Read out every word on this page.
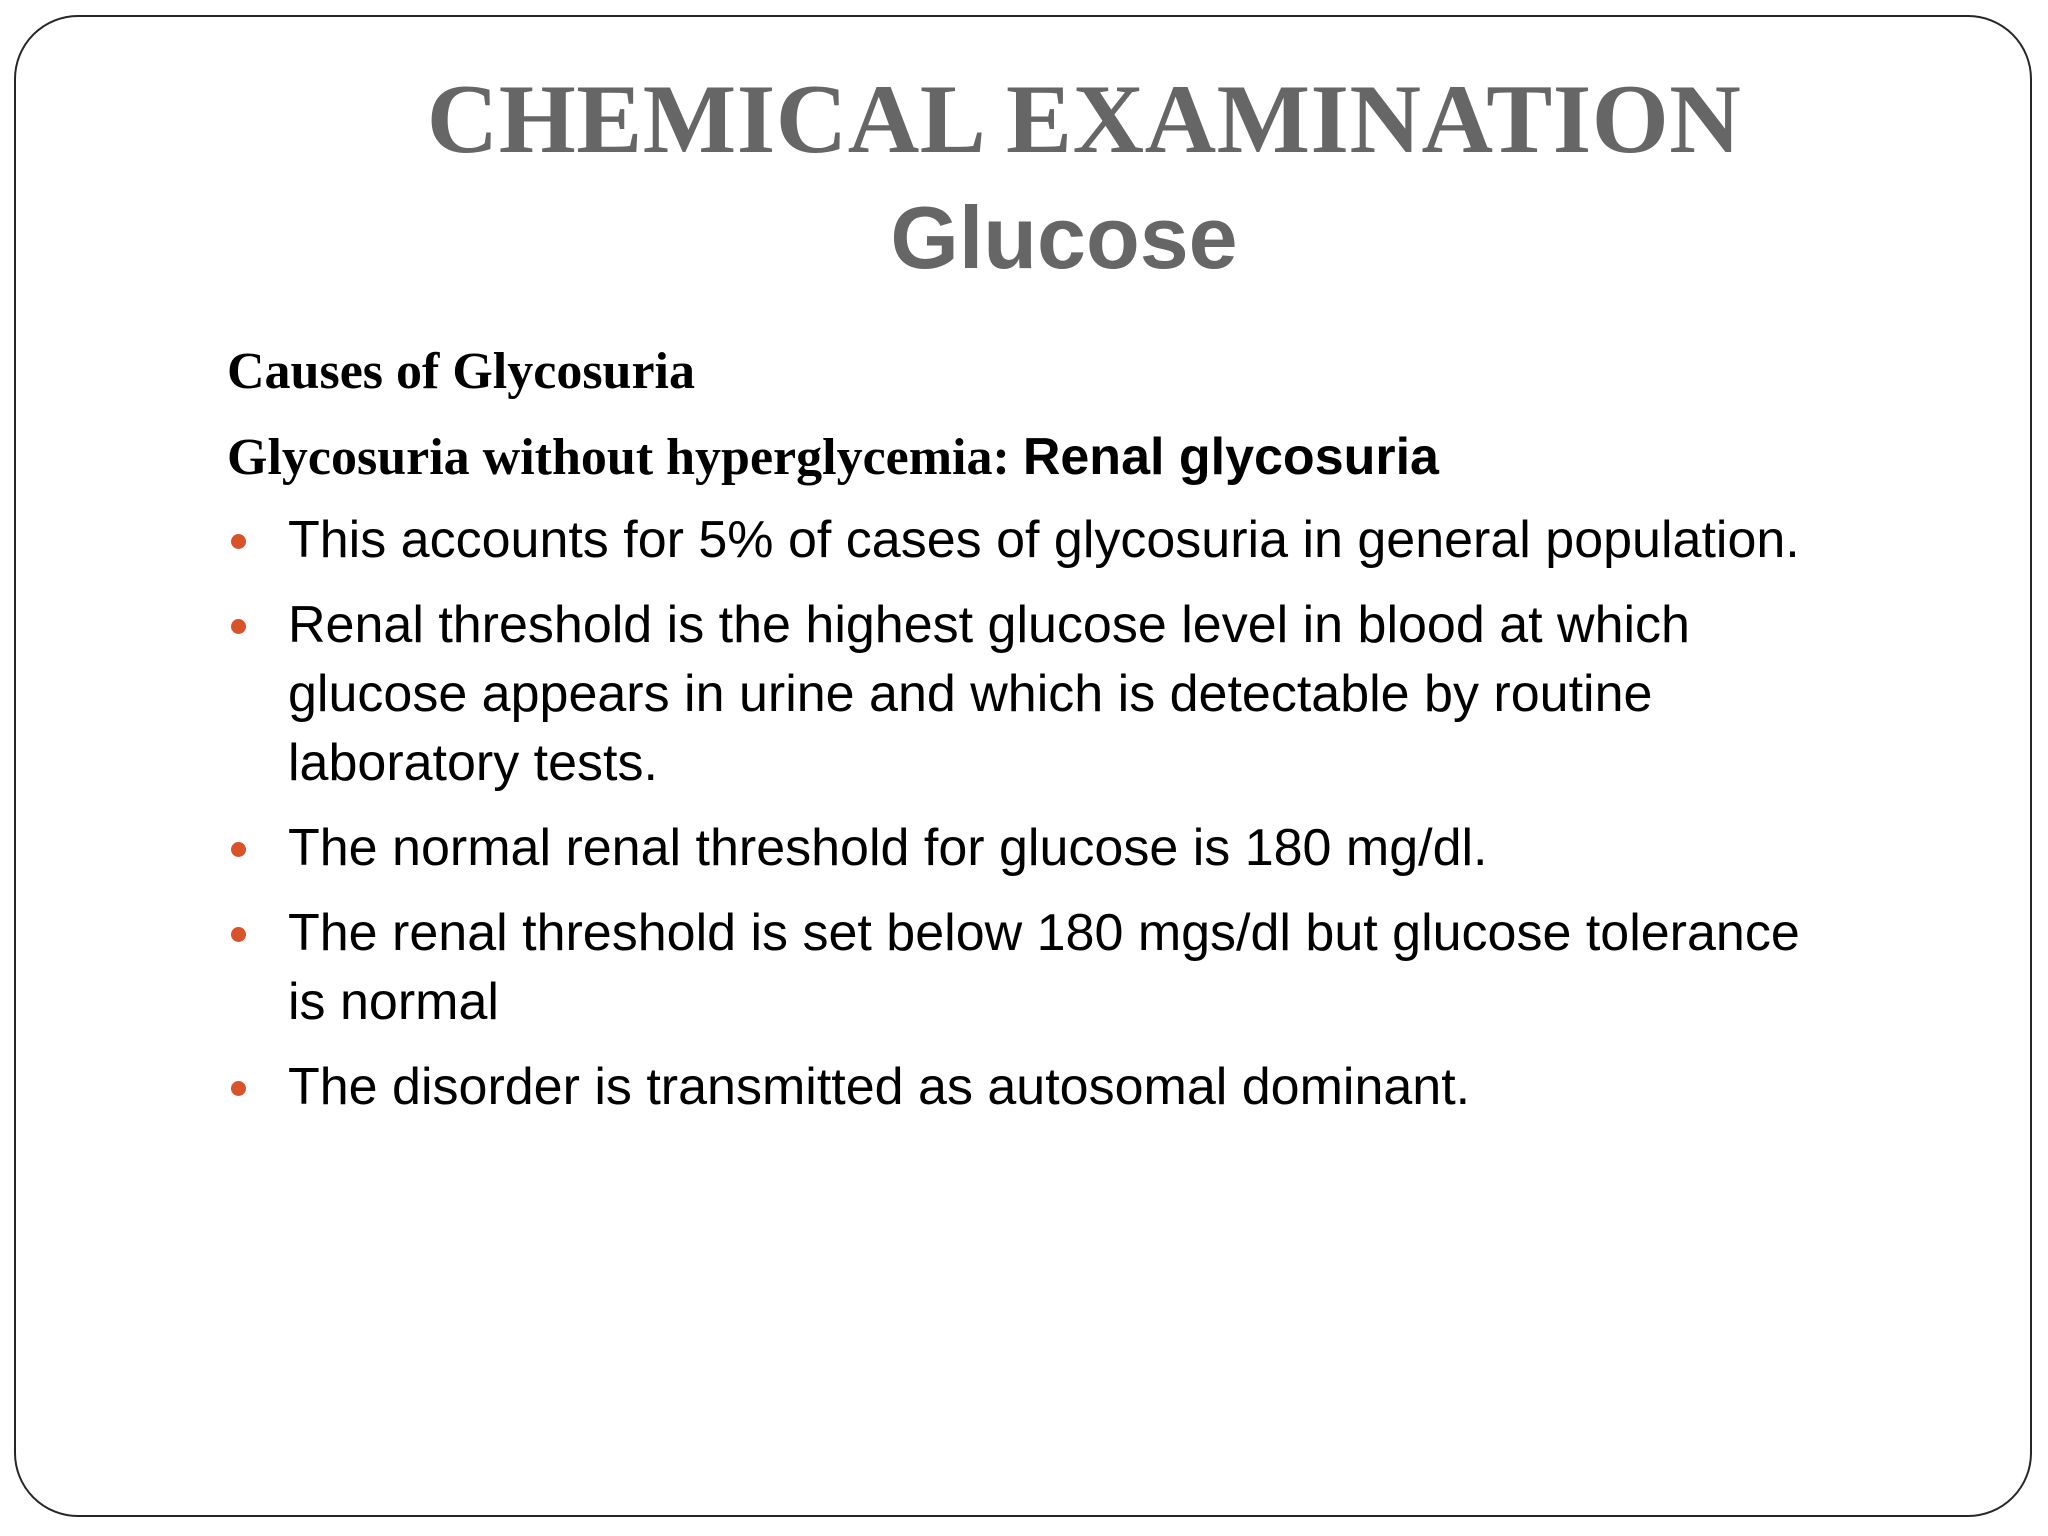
CHEMICAL EXAMINATION
Glucose

Causes of Glycosuria

Glycosuria without hyperglycemia: Renal glycosuria

This accounts for 5% of cases of glycosuria in general population.
Renal threshold is the highest glucose level in blood at which glucose appears in urine and which is detectable by routine laboratory tests.
The normal renal threshold for glucose is 180 mg/dl.
The renal threshold is set below 180 mgs/dl but glucose tolerance is normal
The disorder is transmitted as autosomal dominant.
